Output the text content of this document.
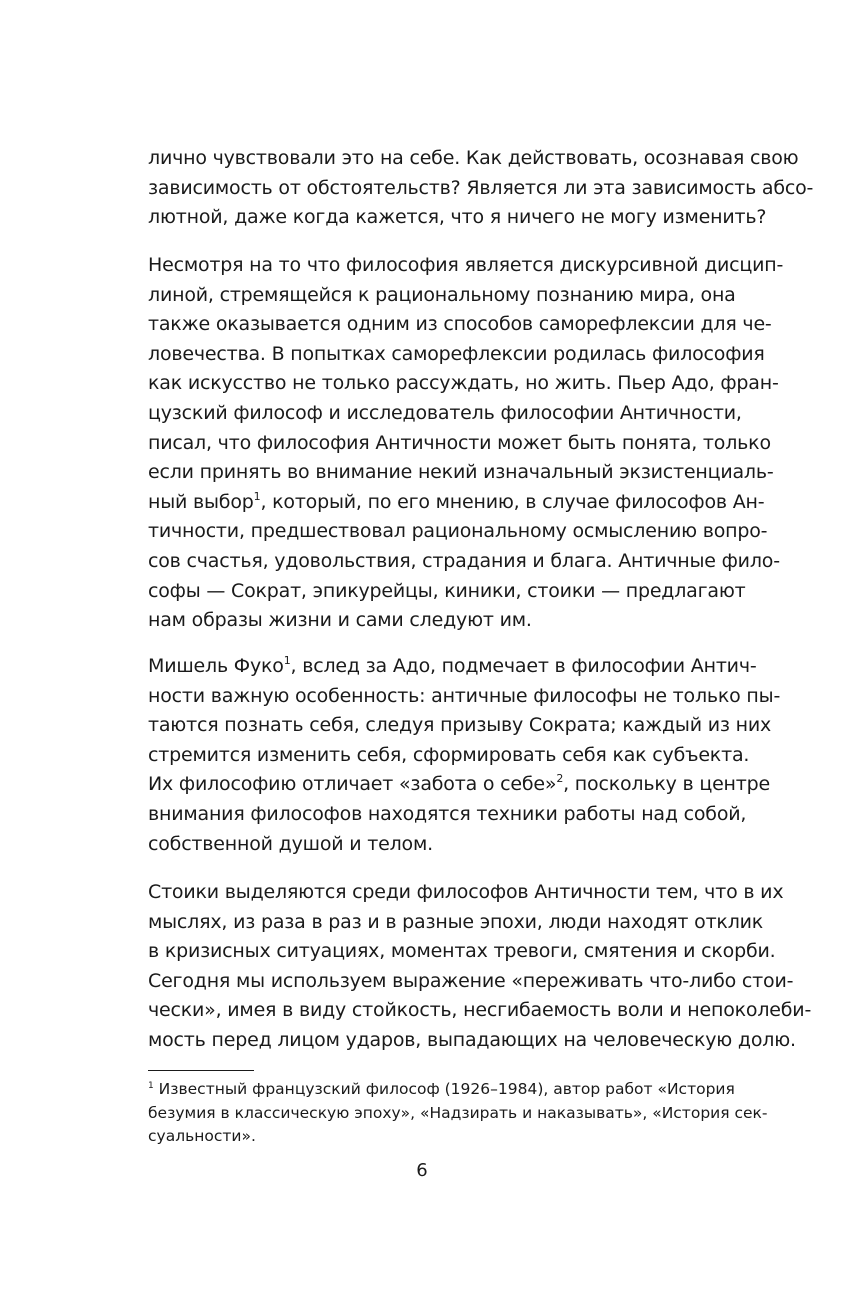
лично чувствовали это на себе. Как действовать, осознавая свою
зависимость от обстоятельств? Является ли эта зависимость абсо-
лютной, даже когда кажется, что я ничего не могу изменить?
Несмотря на то что философия является дискурсивной дисцип-
линой, стремящейся к рациональному познанию мира, она
также оказывается одним из способов саморефлексии для че-
ловечества. В попытках саморефлексии родилась философия
как искусство не только рассуждать, но жить. Пьер Адо, фран-
цузский философ и исследователь философии Античности,
писал, что философия Античности может быть понята, только
если принять во внимание некий изначальный экзистенциаль-
ный выбор$^1$, который, по его мнению, в случае философов Ан-
тичности, предшествовал рациональному осмыслению вопро-
сов счастья, удовольствия, страдания и блага. Античные фило-
софы — Сократ, эпикурейцы, киники, стоики — предлагают
нам образы жизни и сами следуют им.
Мишель Фуко$^1$, вслед за Адо, подмечает в философии Антич-
ности важную особенность: античные философы не только пы-
таются познать себя, следуя призыву Сократа; каждый из них
стремится изменить себя, сформировать себя как субъекта.
Их философию отличает «забота о себе»$^2$, поскольку в центре
внимания философов находятся техники работы над собой,
собственной душой и телом.
Стоики выделяются среди философов Античности тем, что в их
мыслях, из раза в раз и в разные эпохи, люди находят отклик
в кризисных ситуациях, моментах тревоги, смятения и скорби.
Сегодня мы используем выражение «переживать что-либо стои-
чески», имея в виду стойкость, несгибаемость воли и непоколеби-
мость перед лицом ударов, выпадающих на человеческую долю.
$^1$ Известный французский философ (1926–1984), автор работ «История
безумия в классическую эпоху», «Надзирать и наказывать», «История сек-
суальности».
6
